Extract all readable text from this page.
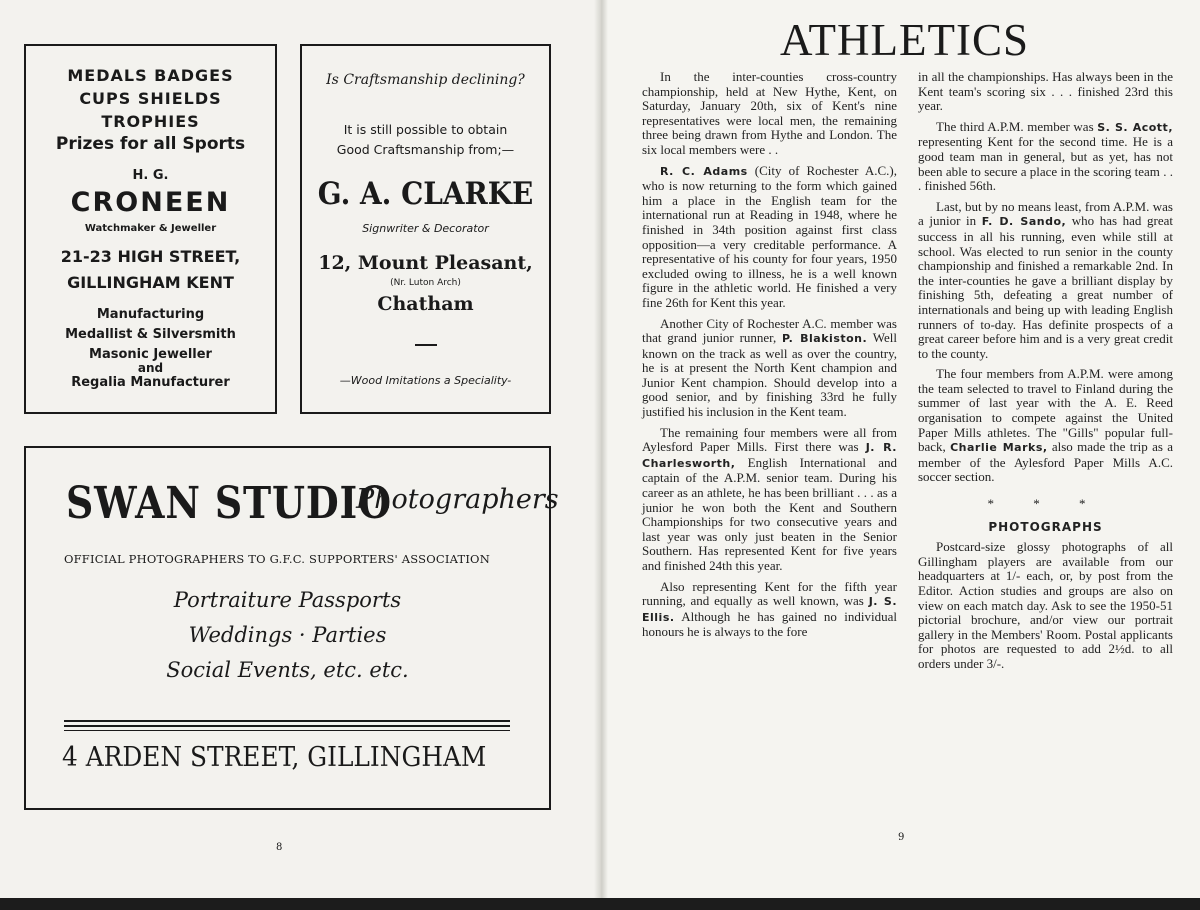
MEDALS BADGES
CUPS SHIELDS
TROPHIES
Prizes for all Sports
H. G.
CRONEEN
Watchmaker & Jeweller
21-23 HIGH STREET,
GILLINGHAM KENT
Manufacturing
Medallist & Silversmith
Masonic Jeweller
and
Regalia Manufacturer
Is Craftsmanship declining?
It is still possible to obtain
Good Craftsmanship from;—
G. A. CLARKE
Signwriter & Decorator
12, Mount Pleasant,
(Nr. Luton Arch)
Chatham
—Wood Imitations a Speciality-
SWAN STUDIO
Photographers
OFFICIAL PHOTOGRAPHERS TO G.F.C. SUPPORTERS' ASSOCIATION
Portraiture Passports
Weddings · Parties
Social Events, etc. etc.
4 ARDEN STREET, GILLINGHAM
8
ATHLETICS

In the inter-counties cross-country championship, held at New Hythe, Kent, on Saturday, January 20th, six of Kent's nine representatives were local men, the remaining three being drawn from Hythe and London. The six local members were . .

R. C. Adams (City of Rochester A.C.), who is now returning to the form which gained him a place in the English team for the international run at Reading in 1948, where he finished in 34th position against first class opposition—a very creditable performance. A representative of his county for four years, 1950 excluded owing to illness, he is a well known figure in the athletic world. He finished a very fine 26th for Kent this year.

Another City of Rochester A.C. member was that grand junior runner, P. Blakiston. Well known on the track as well as over the country, he is at present the North Kent champion and Junior Kent champion. Should develop into a good senior, and by finishing 33rd he fully justified his inclusion in the Kent team.

The remaining four members were all from Aylesford Paper Mills. First there was J. R. Charlesworth, English International and captain of the A.P.M. senior team. During his career as an athlete, he has been brilliant . . . as a junior he won both the Kent and Southern Championships for two consecutive years and last year was only just beaten in the Senior Southern. Has represented Kent for five years and finished 24th this year.

Also representing Kent for the fifth year running, and equally as well known, was J. S. Ellis. Although he has gained no individual honours he is always to the fore

in all the championships. Has always been in the Kent team's scoring six . . . finished 23rd this year.

The third A.P.M. member was S. S. Acott, representing Kent for the second time. He is a good team man in general, but as yet, has not been able to secure a place in the scoring team . . . finished 56th.

Last, but by no means least, from A.P.M. was a junior in F. D. Sando, who has had great success in all his running, even while still at school. Was elected to run senior in the county championship and finished a remarkable 2nd. In the inter-counties he gave a brilliant display by finishing 5th, defeating a great number of internationals and being up with leading English runners of to-day. Has definite prospects of a great career before him and is a very great credit to the county.

The four members from A.P.M. were among the team selected to travel to Finland during the summer of last year with the A. E. Reed organisation to compete against the United Paper Mills athletes. The "Gills" popular full-back, Charlie Marks, also made the trip as a member of the Aylesford Paper Mills A.C. soccer section.

* * *
PHOTOGRAPHS

Postcard-size glossy photographs of all Gillingham players are available from our headquarters at 1/- each, or, by post from the Editor. Action studies and groups are also on view on each match day. Ask to see the 1950-51 pictorial brochure, and/or view our portrait gallery in the Members' Room. Postal applicants for photos are requested to add 2½d. to all orders under 3/-.

9
